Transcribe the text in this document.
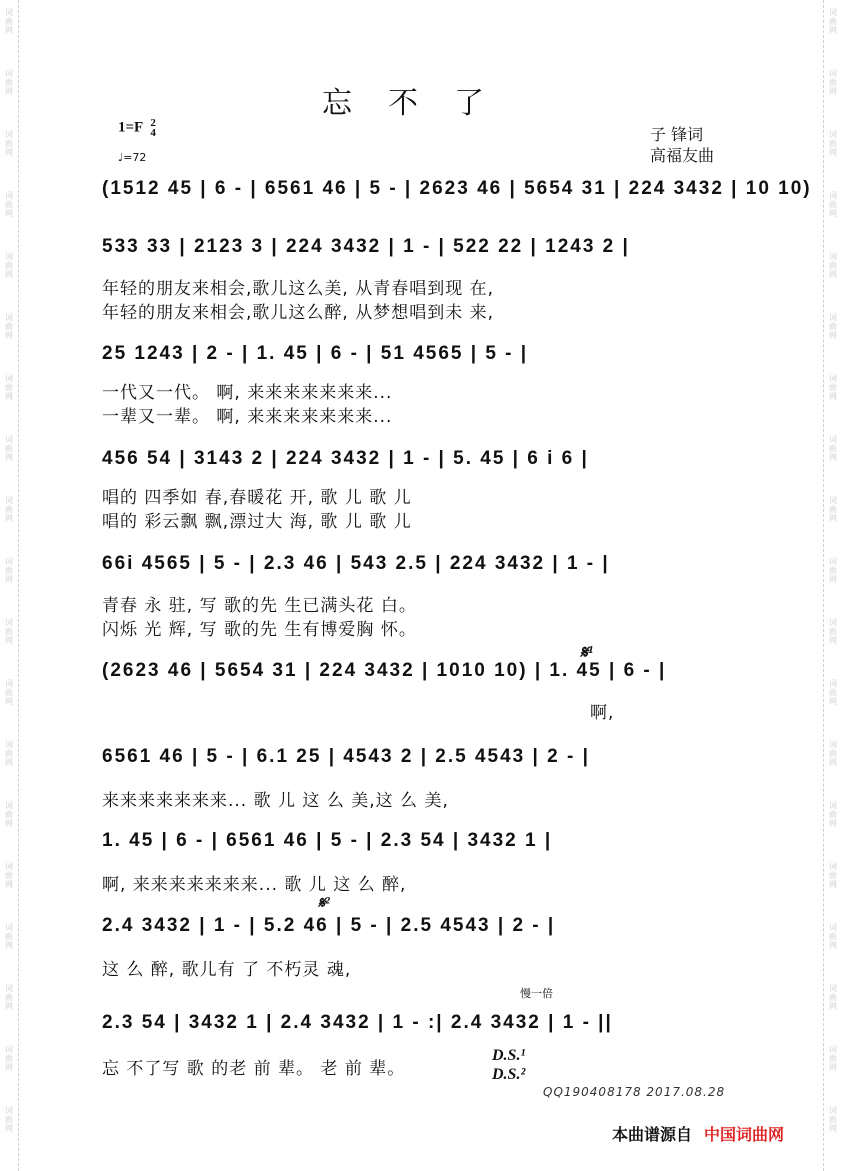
词
曲
网
词
曲
网
词
曲
网
词
曲
网
词
曲
网
词
曲
网
词
曲
网
词
曲
网
词
曲
网
词
曲
网
词
曲
网
词
曲
网
词
曲
网
词
曲
网
词
曲
网
词
曲
网
词
曲
网
词
曲
网
词
曲
网
词
曲
网
词
曲
网
词
曲
网
词
曲
网
词
曲
网
词
曲
网
词
曲
网
词
曲
网
词
曲
网
词
曲
网
词
曲
网
词
曲
网
词
曲
网
词
曲
网
词
曲
网
词
曲
网
词
曲
网
词
曲
网
词
曲
网
忘不了
1=F 2
4
♩=72
子 锋词
高福友曲
(1512 45 | 6 - | 6561 46 | 5 - | 2623 46 | 5654 31 | 224 3432 | 10 10)
533 33 | 2123 3 | 224 3432 | 1 - | 522 22 | 1243 2 |
年轻的朋友来相会,歌儿这么美, 从青春唱到现 在,
年轻的朋友来相会,歌儿这么醉, 从梦想唱到未 来,
25 1243 | 2 - | 1. 45 | 6 - | 51 4565 | 5 - |
一代又一代。 啊, 来来来来来来来...
一辈又一辈。 啊, 来来来来来来来...
456 54 | 3143 2 | 224 3432 | 1 - | 5. 45 | 6 i 6 |
唱的 四季如 春,春暖花 开, 歌 儿 歌 儿
唱的 彩云飘 飘,漂过大 海, 歌 儿 歌 儿
66i 4565 | 5 - | 2.3 46 | 543 2.5 | 224 3432 | 1 - |
青春 永 驻, 写 歌的先 生已满头花 白。
闪烁 光 辉, 写 歌的先 生有博爱胸 怀。
(2623 46 | 5654 31 | 224 3432 | 1010 10) | 1. 45 | 6 - |
啊,
6561 46 | 5 - | 6.1 25 | 4543 2 | 2.5 4543 | 2 - |
来来来来来来来... 歌 儿 这 么 美,这 么 美,
1. 45 | 6 - | 6561 46 | 5 - | 2.3 54 | 3432 1 |
啊, 来来来来来来来... 歌 儿 这 么 醉,
2.4 3432 | 1 - | 5.2 46 | 5 - | 2.5 4543 | 2 - |
这 么 醉, 歌儿有 了 不朽灵 魂,
2.3 54 | 3432 1 | 2.4 3432 | 1 - :| 2.4 3432 | 1 - ||
忘 不了写 歌 的老 前 辈。 老 前 辈。
D.S.¹
D.S.²
慢一倍
𝄋¹
𝄋²
QQ190408178 2017.08.28
本曲谱源自 中国词曲网
